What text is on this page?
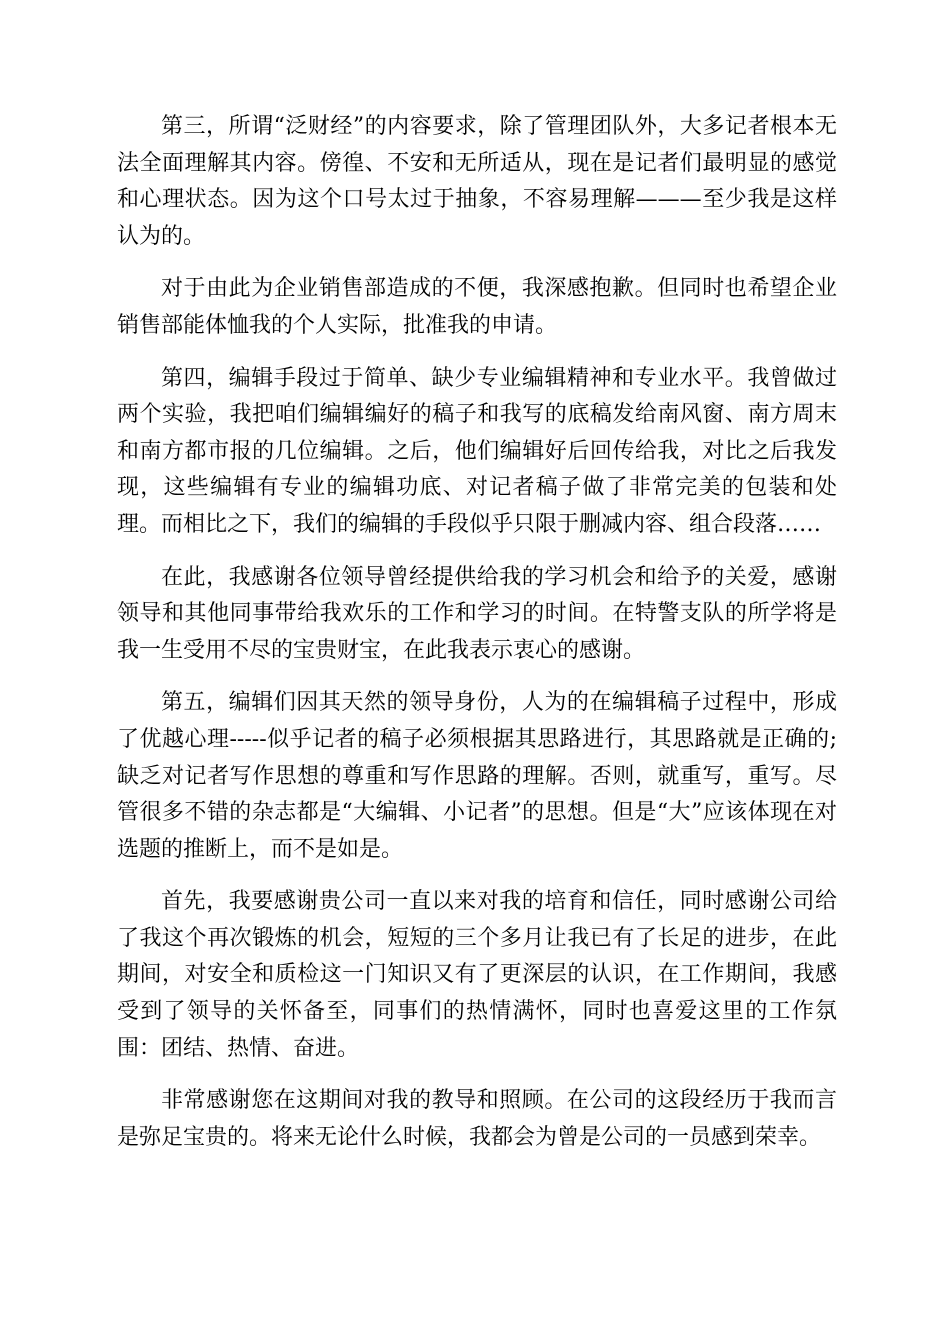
第三，所谓“泛财经”的内容要求，除了管理团队外，大多记者根本无法全面理解其内容。傍徨、不安和无所适从，现在是记者们最明显的感觉和心理状态。因为这个口号太过于抽象，不容易理解———至少我是这样认为的。

对于由此为企业销售部造成的不便，我深感抱歉。但同时也希望企业销售部能体恤我的个人实际，批准我的申请。

第四，编辑手段过于简单、缺少专业编辑精神和专业水平。我曾做过两个实验，我把咱们编辑编好的稿子和我写的底稿发给南风窗、南方周末和南方都市报的几位编辑。之后，他们编辑好后回传给我，对比之后我发现，这些编辑有专业的编辑功底、对记者稿子做了非常完美的包装和处理。而相比之下，我们的编辑的手段似乎只限于删减内容、组合段落……

在此，我感谢各位领导曾经提供给我的学习机会和给予的关爱，感谢领导和其他同事带给我欢乐的工作和学习的时间。在特警支队的所学将是我一生受用不尽的宝贵财宝，在此我表示衷心的感谢。

第五，编辑们因其天然的领导身份，人为的在编辑稿子过程中，形成了优越心理-----似乎记者的稿子必须根据其思路进行，其思路就是正确的;缺乏对记者写作思想的尊重和写作思路的理解。否则，就重写，重写。尽管很多不错的杂志都是“大编辑、小记者”的思想。但是“大”应该体现在对选题的推断上，而不是如是。

首先，我要感谢贵公司一直以来对我的培育和信任，同时感谢公司给了我这个再次锻炼的机会，短短的三个多月让我已有了长足的进步，在此期间，对安全和质检这一门知识又有了更深层的认识，在工作期间，我感受到了领导的关怀备至，同事们的热情满怀，同时也喜爱这里的工作氛围：团结、热情、奋进。

非常感谢您在这期间对我的教导和照顾。在公司的这段经历于我而言是弥足宝贵的。将来无论什么时候，我都会为曾是公司的一员感到荣幸。
